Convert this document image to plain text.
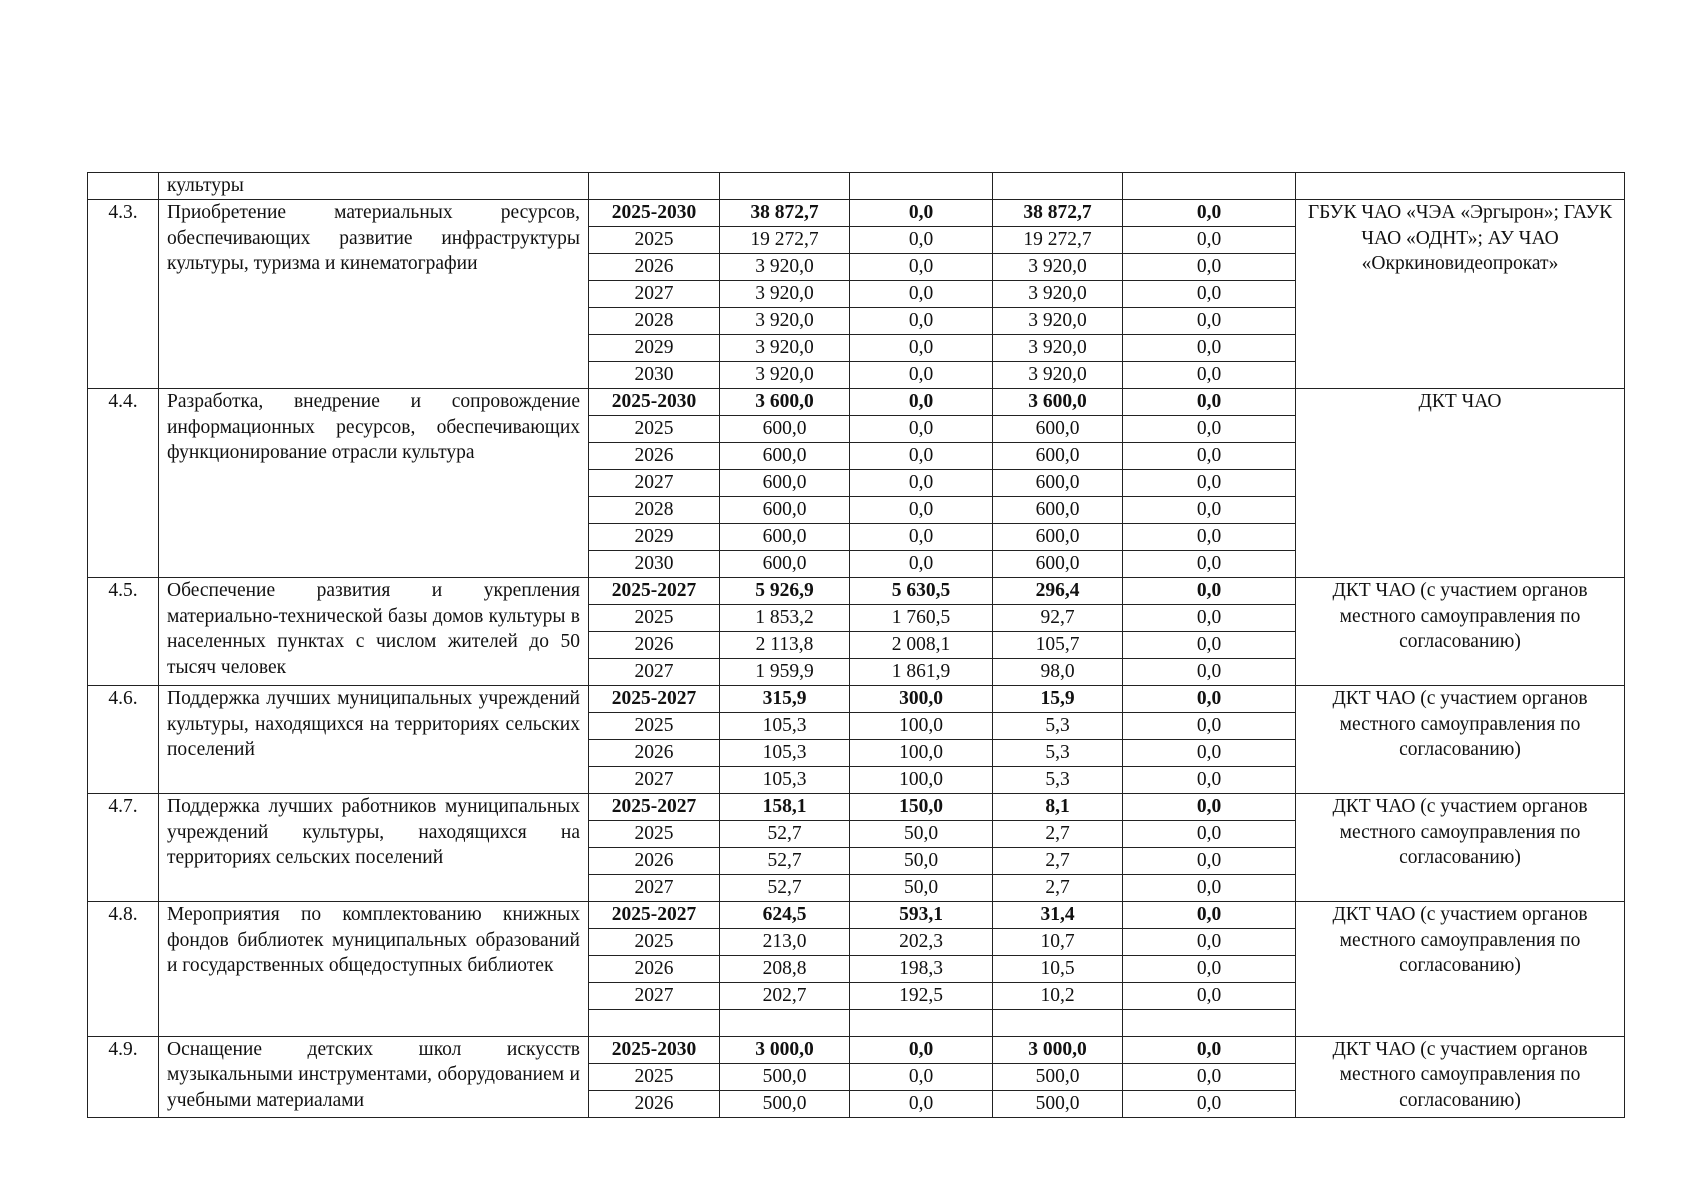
	культуры						
4.3.	Приобретение материальных ресурсов, обеспечивающих развитие инфраструктуры культуры, туризма и кинематографии	2025-2030	38 872,7	0,0	38 872,7	0,0	ГБУК ЧАО «ЧЭА «Эргырон»; ГАУК ЧАО «ОДНТ»; АУ ЧАО «Окркиновидеопрокат»
		2025	19 272,7	0,0	19 272,7	0,0	
		2026	3 920,0	0,0	3 920,0	0,0	
		2027	3 920,0	0,0	3 920,0	0,0	
		2028	3 920,0	0,0	3 920,0	0,0	
		2029	3 920,0	0,0	3 920,0	0,0	
		2030	3 920,0	0,0	3 920,0	0,0	
4.4.	Разработка, внедрение и сопровождение информационных ресурсов, обеспечивающих функционирование отрасли культура	2025-2030	3 600,0	0,0	3 600,0	0,0	ДКТ ЧАО
		2025	600,0	0,0	600,0	0,0	
		2026	600,0	0,0	600,0	0,0	
		2027	600,0	0,0	600,0	0,0	
		2028	600,0	0,0	600,0	0,0	
		2029	600,0	0,0	600,0	0,0	
		2030	600,0	0,0	600,0	0,0	
4.5.	Обеспечение развития и укрепления материально-технической базы домов культуры в населенных пунктах с числом жителей до 50 тысяч человек	2025-2027	5 926,9	5 630,5	296,4	0,0	ДКТ ЧАО (с участием органов местного самоуправления по согласованию)
		2025	1 853,2	1 760,5	92,7	0,0	
		2026	2 113,8	2 008,1	105,7	0,0	
		2027	1 959,9	1 861,9	98,0	0,0	
4.6.	Поддержка лучших муниципальных учреждений культуры, находящихся на территориях сельских поселений	2025-2027	315,9	300,0	15,9	0,0	ДКТ ЧАО (с участием органов местного самоуправления по согласованию)
		2025	105,3	100,0	5,3	0,0	
		2026	105,3	100,0	5,3	0,0	
		2027	105,3	100,0	5,3	0,0	
4.7.	Поддержка лучших работников муниципальных учреждений культуры, находящихся на территориях сельских поселений	2025-2027	158,1	150,0	8,1	0,0	ДКТ ЧАО (с участием органов местного самоуправления по согласованию)
		2025	52,7	50,0	2,7	0,0	
		2026	52,7	50,0	2,7	0,0	
		2027	52,7	50,0	2,7	0,0	
4.8.	Мероприятия по комплектованию книжных фондов библиотек муниципальных образований и государственных общедоступных библиотек	2025-2027	624,5	593,1	31,4	0,0	ДКТ ЧАО (с участием органов местного самоуправления по согласованию)
		2025	213,0	202,3	10,7	0,0	
		2026	208,8	198,3	10,5	0,0	
		2027	202,7	192,5	10,2	0,0	

4.9.	Оснащение детских школ искусств музыкальными инструментами, оборудованием и учебными материалами	2025-2030	3 000,0	0,0	3 000,0	0,0	ДКТ ЧАО (с участием органов местного самоуправления по согласованию)
		2025	500,0	0,0	500,0	0,0	
		2026	500,0	0,0	500,0	0,0	
